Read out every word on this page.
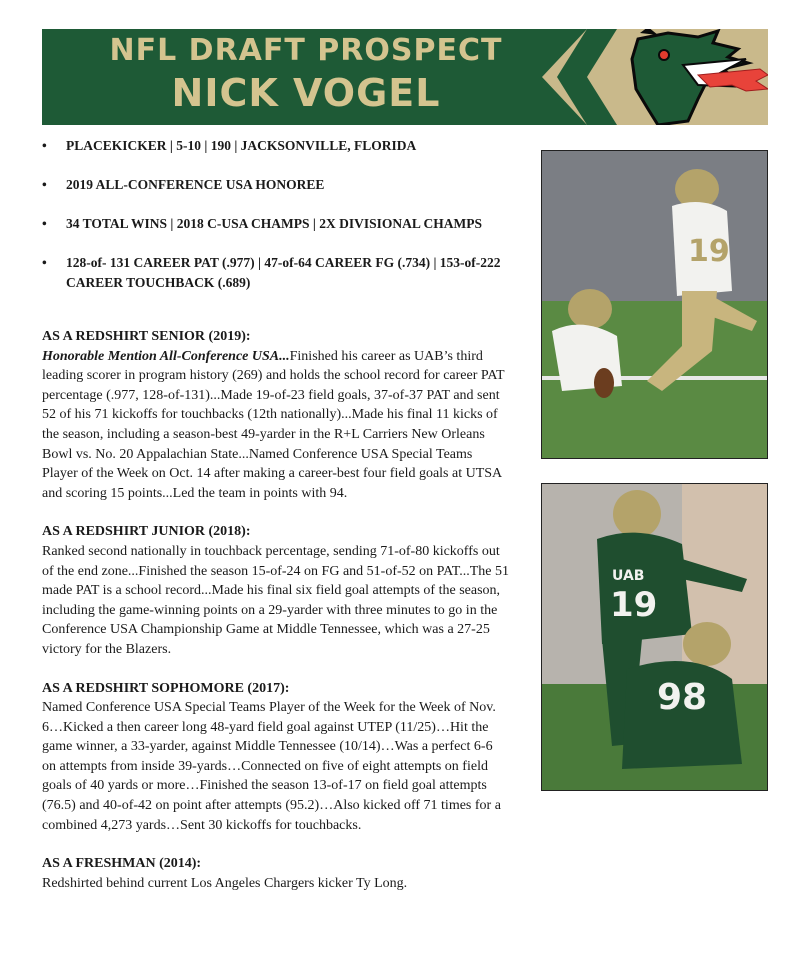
NFL DRAFT PROSPECT
NICK VOGEL
• PLACEKICKER | 5-10 | 190 | JACKSONVILLE, FLORIDA
• 2019 ALL-CONFERENCE USA HONOREE
• 34 TOTAL WINS | 2018 C-USA CHAMPS | 2X DIVISIONAL CHAMPS
• 128-of- 131 CAREER PAT (.977) | 47-of-64 CAREER FG (.734) | 153-of-222 CAREER TOUCHBACK (.689)
AS A REDSHIRT SENIOR (2019):
Honorable Mention All-Conference USA...Finished his career as UAB’s third leading scorer in program history (269) and holds the school record for career PAT percentage (.977, 128-of-131)...Made 19-of-23 field goals, 37-of-37 PAT and sent 52 of his 71 kickoffs for touchbacks (12th nationally)...Made his final 11 kicks of the season, including a season-best 49-yarder in the R+L Carriers New Orleans Bowl vs. No. 20 Appalachian State...Named Conference USA Special Teams Player of the Week on Oct. 14 after making a career-best four field goals at UTSA and scoring 15 points...Led the team in points with 94.
AS A REDSHIRT JUNIOR (2018):
Ranked second nationally in touchback percentage, sending 71-of-80 kickoffs out of the end zone...Finished the season 15-of-24 on FG and 51-of-52 on PAT...The 51 made PAT is a school record...Made his final six field goal attempts of the season, including the game-winning points on a 29-yarder with three minutes to go in the Conference USA Championship Game at Middle Tennessee, which was a 27-25 victory for the Blazers.
AS A REDSHIRT SOPHOMORE (2017):
Named Conference USA Special Teams Player of the Week for the Week of Nov. 6…Kicked a then career long 48-yard field goal against UTEP (11/25)…Hit the game winner, a 33-yarder, against Middle Tennessee (10/14)…Was a perfect 6-6 on attempts from inside 39-yards…Connected on five of eight attempts on field goals of 40 yards or more…Finished the season 13-of-17 on field goal attempts (76.5) and 40-of-42 on point after attempts (95.2)…Also kicked off 71 times for a combined 4,273 yards…Sent 30 kickoffs for touchbacks.
AS A FRESHMAN (2014):
Redshirted behind current Los Angeles Chargers kicker Ty Long.
19
UAB
19
98
